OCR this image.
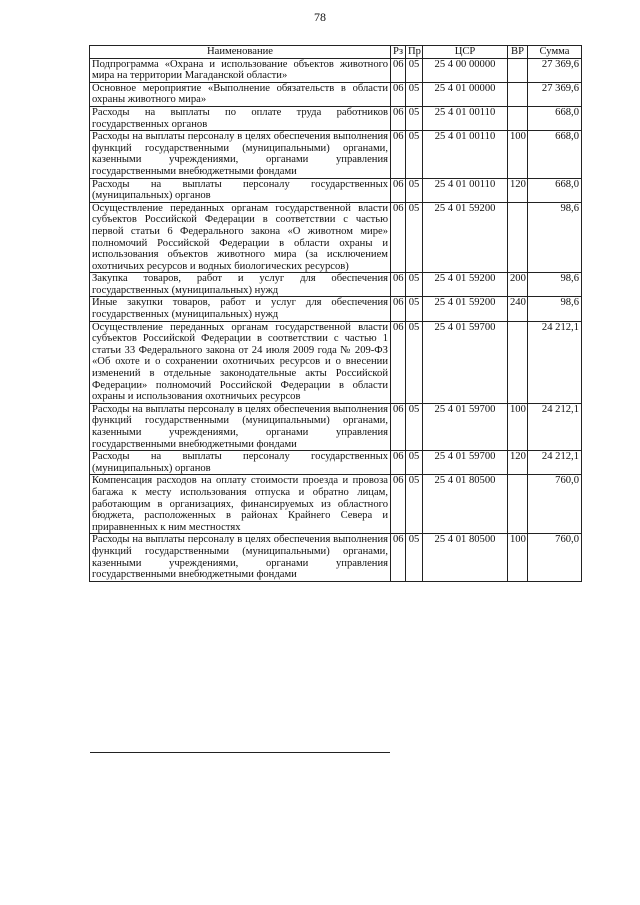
78
Наименование	Рз	Пр	ЦСР	ВР	Сумма
Подпрограмма «Охрана и использование объектов животного мира на территории Магаданской области»	06	05	25 4 00 00000		27 369,6
Основное мероприятие «Выполнение обязательств в области охраны животного мира»	06	05	25 4 01 00000		27 369,6
Расходы на выплаты по оплате труда работников государственных органов	06	05	25 4 01 00110		668,0
Расходы на выплаты персоналу в целях обеспечения выполнения функций государственными (муниципальными) органами, казенными учреждениями, органами управления государственными внебюджетными фондами	06	05	25 4 01 00110	100	668,0
Расходы на выплаты персоналу государственных (муниципальных) органов	06	05	25 4 01 00110	120	668,0
Осуществление переданных органам государственной власти субъектов Российской Федерации в соответствии с частью первой статьи 6 Федерального закона «О животном мире» полномочий Российской Федерации в области охраны и использования объектов животного мира (за исключением охотничьих ресурсов и водных биологических ресурсов)	06	05	25 4 01 59200		98,6
Закупка товаров, работ и услуг для обеспечения государственных (муниципальных) нужд	06	05	25 4 01 59200	200	98,6
Иные закупки товаров, работ и услуг для обеспечения государственных (муниципальных) нужд	06	05	25 4 01 59200	240	98,6
Осуществление переданных органам государственной власти субъектов Российской Федерации в соответствии с частью 1 статьи 33 Федерального закона от 24 июля 2009 года № 209-ФЗ «Об охоте и о сохранении охотничьих ресурсов и о внесении изменений в отдельные законодательные акты Российской Федерации» полномочий Российской Федерации в области охраны и использования охотничьих ресурсов	06	05	25 4 01 59700		24 212,1
Расходы на выплаты персоналу в целях обеспечения выполнения функций государственными (муниципальными) органами, казенными учреждениями, органами управления государственными внебюджетными фондами	06	05	25 4 01 59700	100	24 212,1
Расходы на выплаты персоналу государственных (муниципальных) органов	06	05	25 4 01 59700	120	24 212,1
Компенсация расходов на оплату стоимости проезда и провоза багажа к месту использования отпуска и обратно лицам, работающим в организациях, финансируемых из областного бюджета, расположенных в районах Крайнего Севера и приравненных к ним местностях	06	05	25 4 01 80500		760,0
Расходы на выплаты персоналу в целях обеспечения выполнения функций государственными (муниципальными) органами, казенными учреждениями, органами управления государственными внебюджетными фондами	06	05	25 4 01 80500	100	760,0
